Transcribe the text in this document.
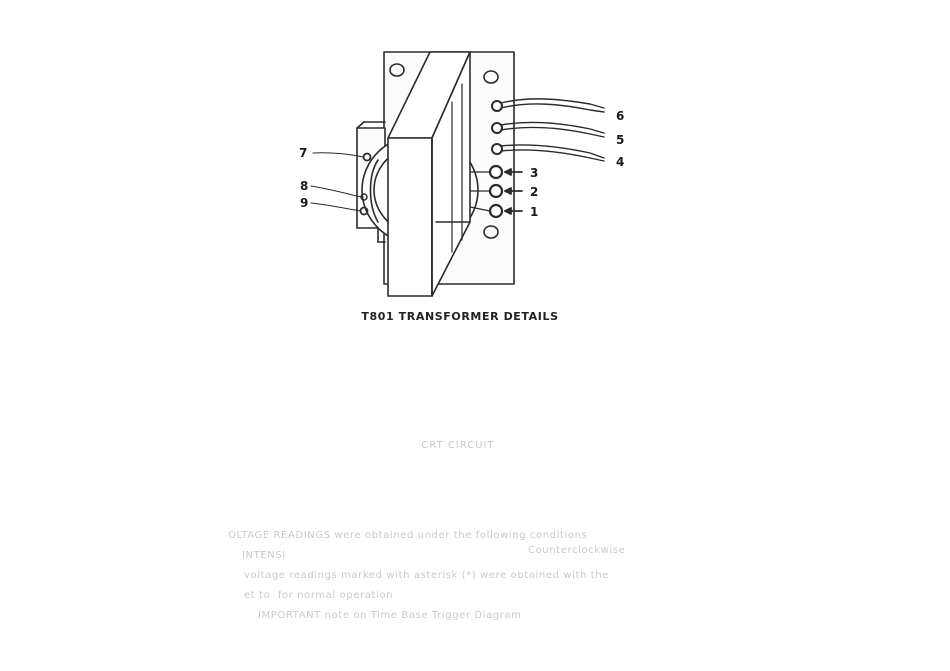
6
5
4
3
2
1
7
8
9
T801 TRANSFORMER DETAILS
CRT CIRCUIT

OLTAGE READINGS were obtained under the following conditions

INTENSI	Counterclockwise

voltage readings marked with asterisk (*) were obtained with the

et to  for normal operation

IMPORTANT note on Time Base Trigger Diagram
